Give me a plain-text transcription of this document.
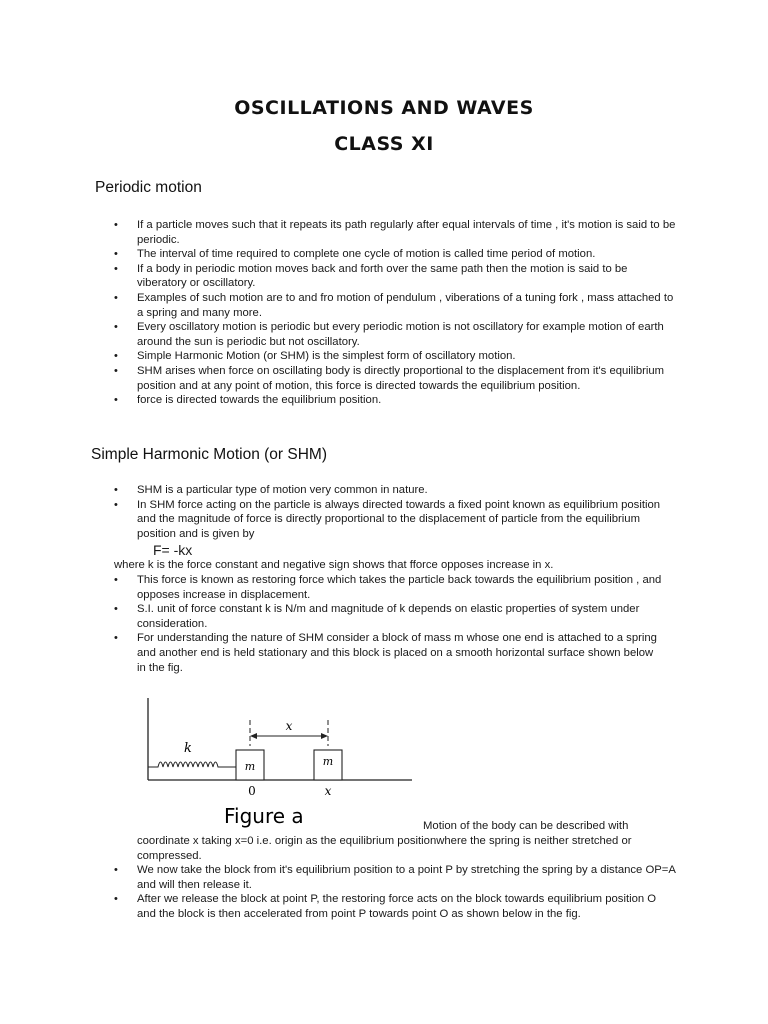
OSCILLATIONS AND WAVES
CLASS XI
Periodic motion
• If a particle moves such that it repeats its path regularly after equal intervals of time , it's motion is said to be periodic.
• The interval of time required to complete one cycle of motion is called time period of motion.
• If a body in periodic motion moves back and forth over the same path then the motion is said to be viberatory or oscillatory.
• Examples of such motion are to and fro motion of pendulum , viberations of a tuning fork , mass attached to a spring and many more.
• Every oscillatory motion is periodic but every periodic motion is not oscillatory for example motion of earth around the sun is periodic but not oscillatory.
• Simple Harmonic Motion (or SHM) is the simplest form of oscillatory motion.
• SHM arises when force on oscillating body is directly proportional to the displacement from it's equilibrium position and at any point of motion, this force is directed towards the equilibrium position.
• force is directed towards the equilibrium position.
Simple Harmonic Motion (or SHM)
• SHM is a particular type of motion very common in nature.
• In SHM force acting on the particle is always directed towards a fixed point known as equilibrium position and the magnitude of force is directly proportional to the displacement of particle from the equilibrium position and is given by
F= -kx
where k is the force constant and negative sign shows that fforce opposes increase in x.
• This force is known as restoring force which takes the particle back towards the equilibrium position , and opposes increase in displacement.
• S.I. unit of force constant k is N/m and magnitude of k depends on elastic properties of system under consideration.
• For understanding the nature of SHM consider a block of mass m whose one end is attached to a spring and another end is held stationary and this block is placed on a smooth horizontal surface shown below in the fig.
x
k
m	m
0	x
Figure a	Motion of the body can be described with

coordinate x taking x=0 i.e. origin as the equilibrium positionwhere the spring is neither stretched or compressed.
• We now take the block from it's equilibrium position to a point P by stretching the spring by a distance OP=A and will then release it.
• After we release the block at point P, the restoring force acts on the block towards equilibrium position O and the block is then accelerated from point P towards point O as shown below in the fig.
